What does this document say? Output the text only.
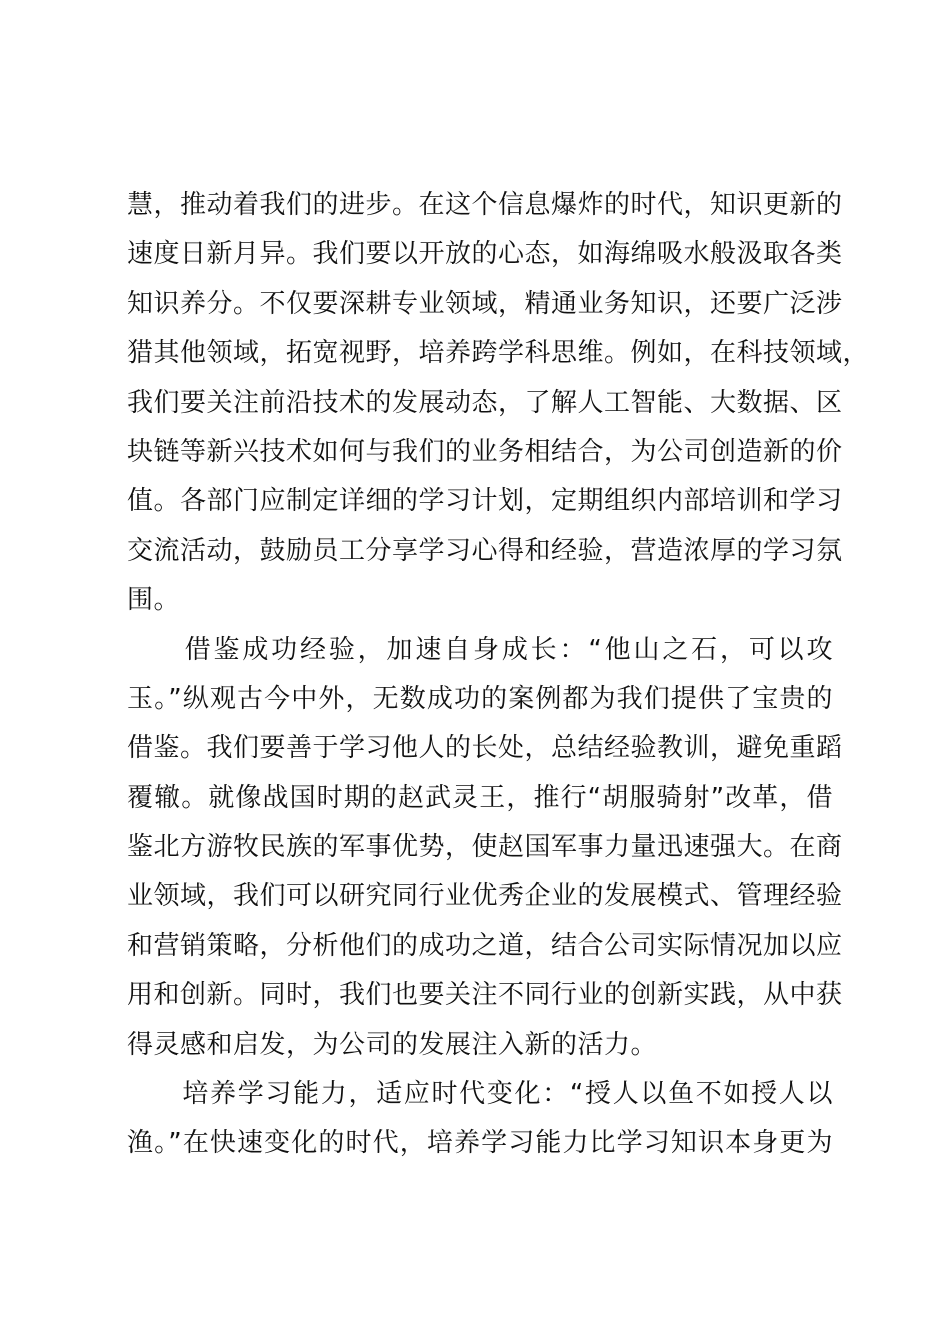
慧，推动着我们的进步。在这个信息爆炸的时代，知识更新的
速度日新月异。我们要以开放的心态，如海绵吸水般汲取各类
知识养分。不仅要深耕专业领域，精通业务知识，还要广泛涉
猎其他领域，拓宽视野，培养跨学科思维。例如，在科技领域，
我们要关注前沿技术的发展动态，了解人工智能、大数据、区
块链等新兴技术如何与我们的业务相结合，为公司创造新的价
值。各部门应制定详细的学习计划，定期组织内部培训和学习
交流活动，鼓励员工分享学习心得和经验，营造浓厚的学习氛
围。
　　借鉴成功经验，加速自身成长：“他山之石，可以攻
玉。”纵观古今中外，无数成功的案例都为我们提供了宝贵的
借鉴。我们要善于学习他人的长处，总结经验教训，避免重蹈
覆辙。就像战国时期的赵武灵王，推行“胡服骑射”改革，借
鉴北方游牧民族的军事优势，使赵国军事力量迅速强大。在商
业领域，我们可以研究同行业优秀企业的发展模式、管理经验
和营销策略，分析他们的成功之道，结合公司实际情况加以应
用和创新。同时，我们也要关注不同行业的创新实践，从中获
得灵感和启发，为公司的发展注入新的活力。
　　培养学习能力，适应时代变化：“授人以鱼不如授人以
渔。”在快速变化的时代，培养学习能力比学习知识本身更为
